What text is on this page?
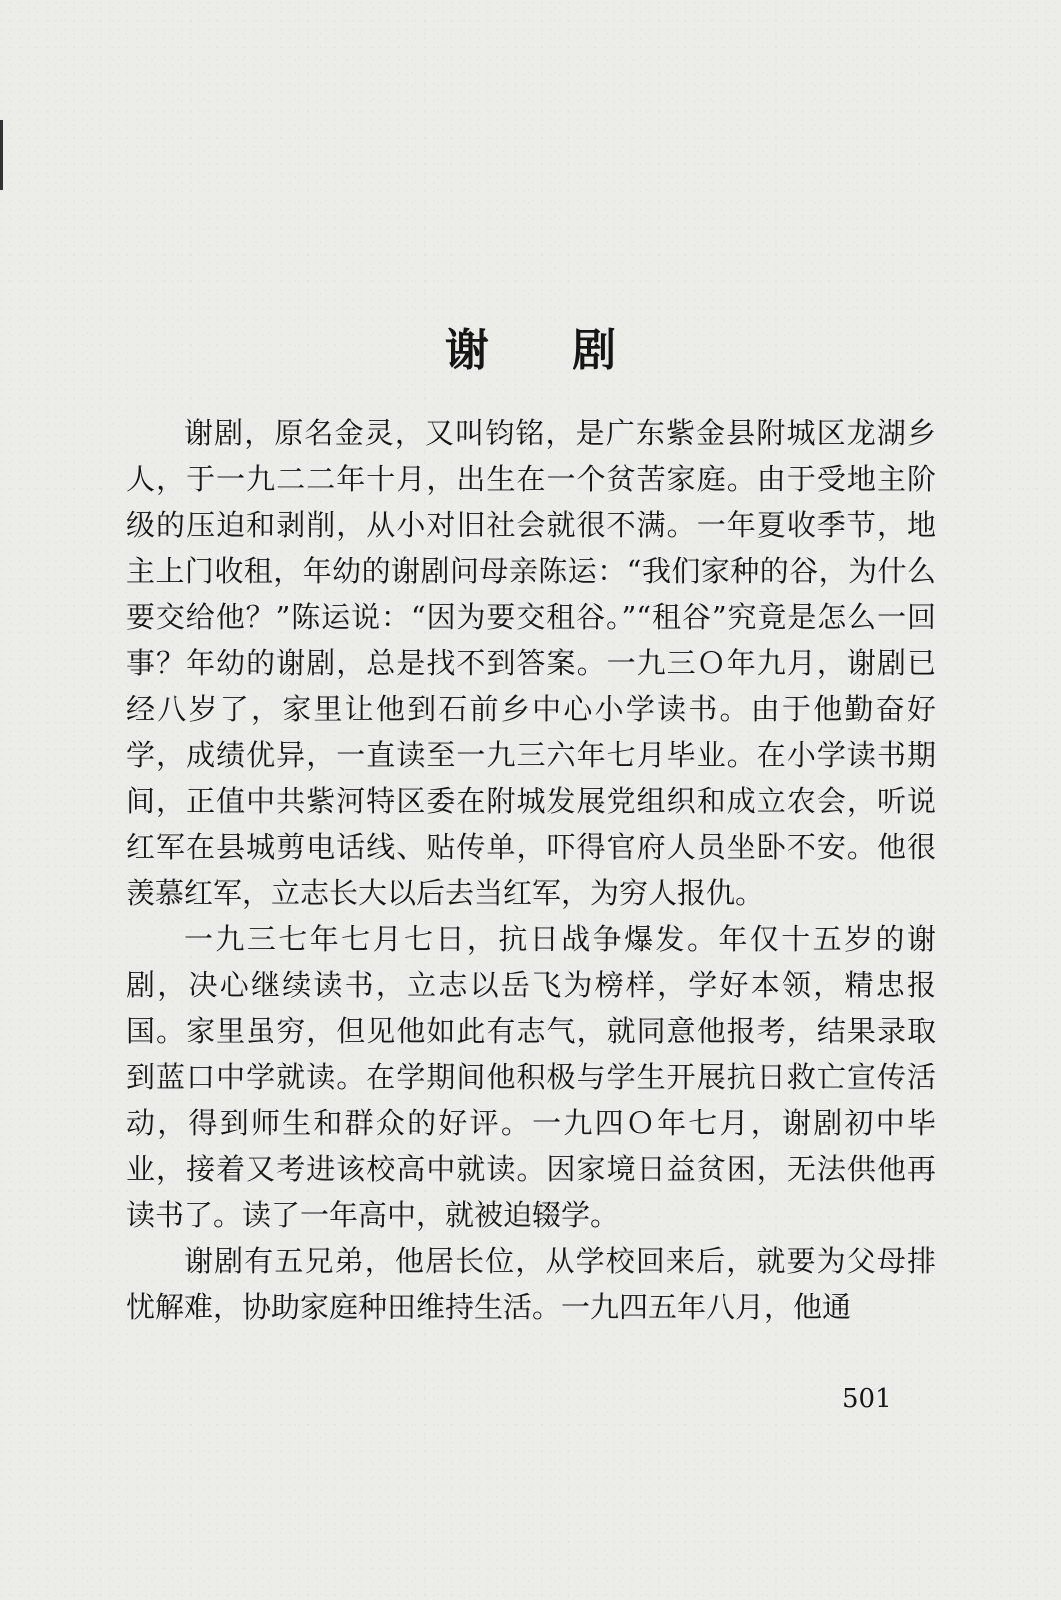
谢 剧

谢剧，原名金灵，又叫钧铭，是广东紫金县附城区龙湖乡人，于一九二二年十月，出生在一个贫苦家庭。由于受地主阶级的压迫和剥削，从小对旧社会就很不满。一年夏收季节，地主上门收租，年幼的谢剧问母亲陈运：“我们家种的谷，为什么要交给他？”陈运说：“因为要交租谷。”“租谷”究竟是怎么一回事？年幼的谢剧，总是找不到答案。一九三Ｏ年九月，谢剧已经八岁了，家里让他到石前乡中心小学读书。由于他勤奋好学，成绩优异，一直读至一九三六年七月毕业。在小学读书期间，正值中共紫河特区委在附城发展党组织和成立农会，听说红军在县城剪电话线、贴传单，吓得官府人员坐卧不安。他很羡慕红军，立志长大以后去当红军，为穷人报仇。

一九三七年七月七日，抗日战争爆发。年仅十五岁的谢剧，决心继续读书，立志以岳飞为榜样，学好本领，精忠报国。家里虽穷，但见他如此有志气，就同意他报考，结果录取到蓝口中学就读。在学期间他积极与学生开展抗日救亡宣传活动，得到师生和群众的好评。一九四Ｏ年七月，谢剧初中毕业，接着又考进该校高中就读。因家境日益贫困，无法供他再读书了。读了一年高中，就被迫辍学。

谢剧有五兄弟，他居长位，从学校回来后，就要为父母排忧解难，协助家庭种田维持生活。一九四五年八月，他通

501
